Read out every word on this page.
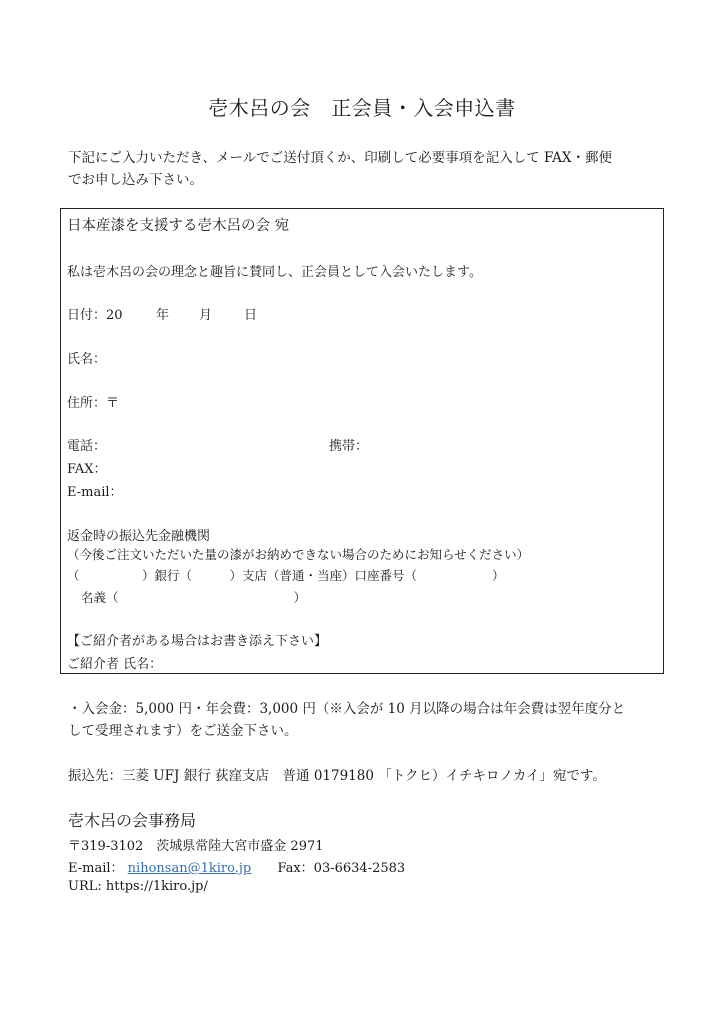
壱木呂の会　正会員・入会申込書
下記にご入力いただき、メールでご送付頂くか、印刷して必要事項を記入して FAX・郵便
でお申し込み下さい。
日本産漆を支援する壱木呂の会 宛
私は壱木呂の会の理念と趣旨に賛同し、正会員として入会いたします。
日付：20	年 月 日
氏名：
住所：〒
電話：	携帯：
FAX：
E-mail：
返金時の振込先金融機関
（今後ご注文いただいた量の漆がお納めできない場合のためにお知らせください）
（　　　　　）銀行（　　　）支店（普通・当座）口座番号（　　　　　　）
名義（　　　　　　　　　　　　　　）
【ご紹介者がある場合はお書き添え下さい】
ご紹介者 氏名：
・入会金：5,000 円・年会費：3,000 円（※入会が 10 月以降の場合は年会費は翌年度分と
して受理されます）をご送金下さい。
振込先：三菱 UFJ 銀行 荻窪支店　普通 0179180 「トクヒ）イチキロノカイ」宛です。
壱木呂の会事務局
〒319-3102　茨城県常陸大宮市盛金 2971
E-mail： nihonsan@1kiro.jp Fax：03-6634-2583
URL: https://1kiro.jp/
